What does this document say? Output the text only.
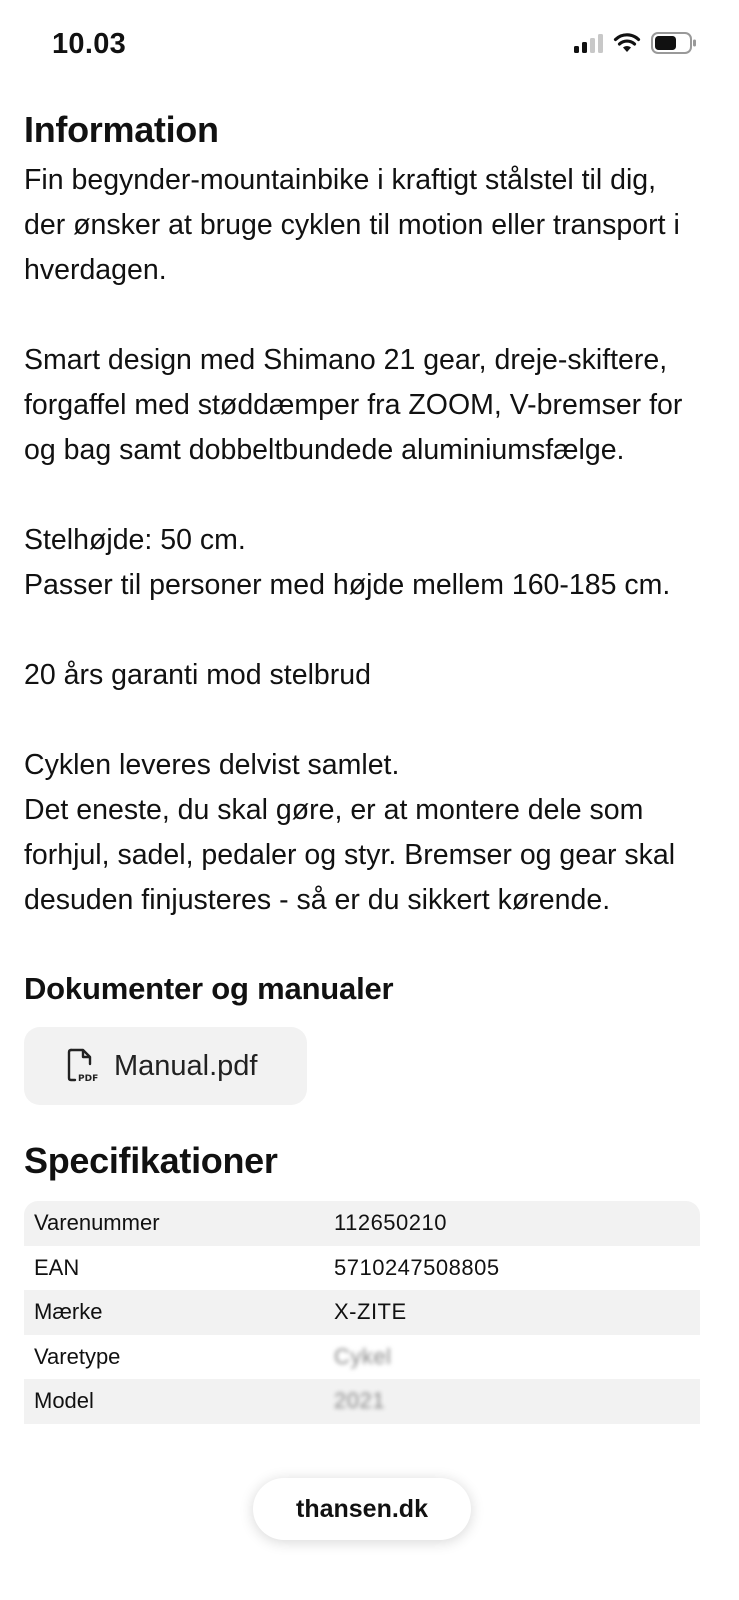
10.03
Information

Fin begynder-mountainbike i kraftigt stålstel til dig, der ønsker at bruge cyklen til motion eller transport i hverdagen.

Smart design med Shimano 21 gear, dreje-skiftere, forgaffel med støddæmper fra ZOOM, V-bremser for og bag samt dobbeltbundede aluminiumsfælge.

Stelhøjde: 50 cm.
Passer til personer med højde mellem 160-185 cm.

20 års garanti mod stelbrud

Cyklen leveres delvist samlet.
Det eneste, du skal gøre, er at montere dele som forhjul, sadel, pedaler og styr. Bremser og gear skal desuden finjusteres - så er du sikkert kørende.

Dokumenter og manualer
PDF Manual.pdf
Specifikationer
Varenummer	112650210
EAN	5710247508805
Mærke	X-ZITE
Varetype	Cykel
Model	2021
thansen.dk
